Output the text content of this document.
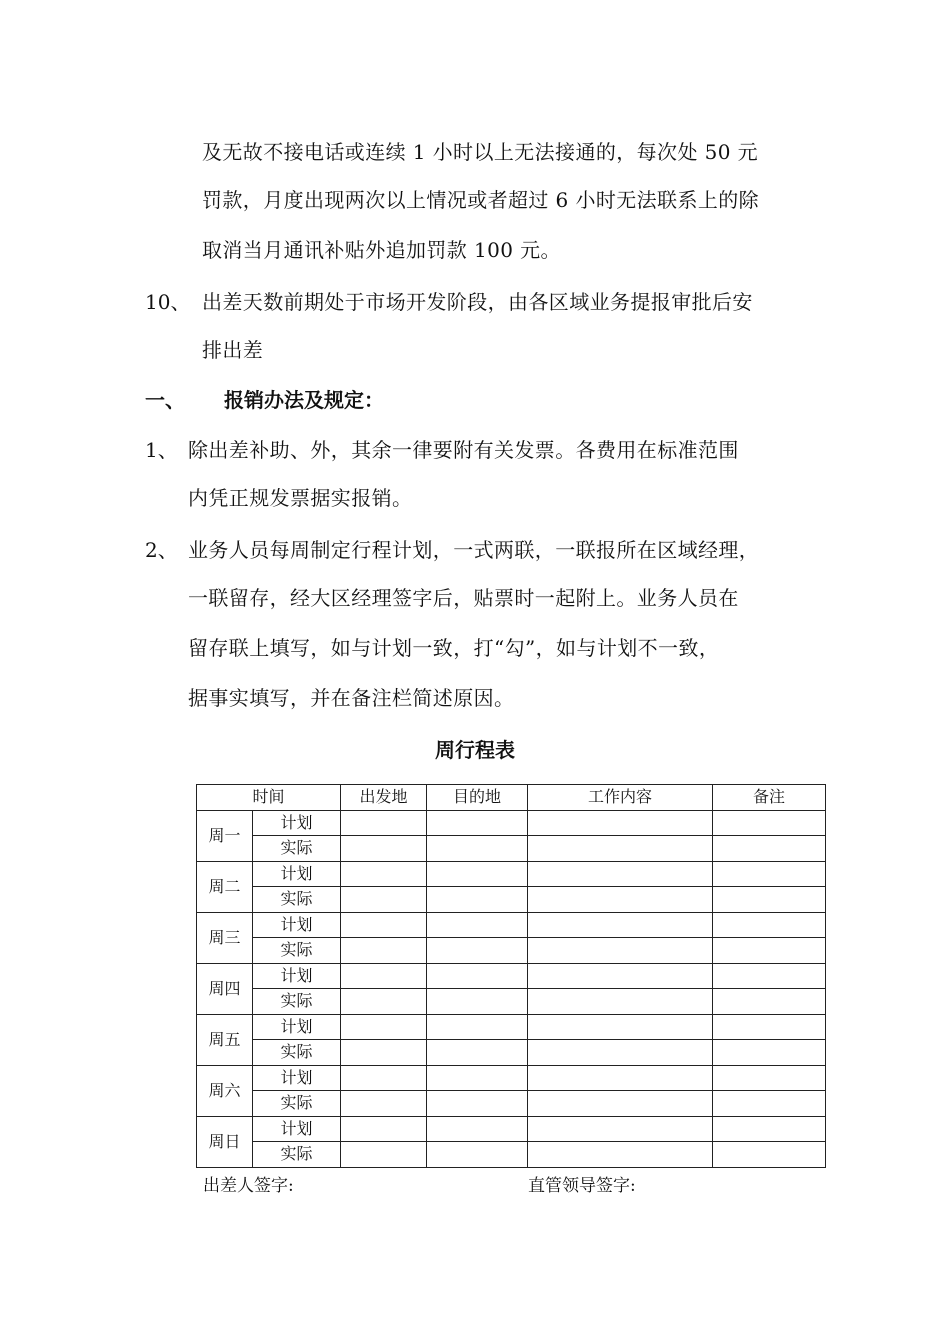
及无故不接电话或连续 1 小时以上无法接通的，每次处 50 元
罚款，月度出现两次以上情况或者超过 6 小时无法联系上的除
取消当月通讯补贴外追加罚款 100 元。
10、 出差天数前期处于市场开发阶段，由各区域业务提报审批后安
排出差
一、 报销办法及规定：
1、 除出差补助、外，其余一律要附有关发票。各费用在标准范围
内凭正规发票据实报销。
2、 业务人员每周制定行程计划，一式两联，一联报所在区域经理，
一联留存，经大区经理签字后，贴票时一起附上。业务人员在
留存联上填写，如与计划一致，打“勾”，如与计划不一致，
据事实填写，并在备注栏简述原因。
周行程表
时间		出发地	目的地	工作内容	备注
周一	计划				
	实际				
周二	计划				
	实际				
周三	计划				
	实际				
周四	计划				
	实际				
周五	计划				
	实际				
周六	计划				
	实际				
周日	计划				
	实际				
出差人签字:	直管领导签字:
